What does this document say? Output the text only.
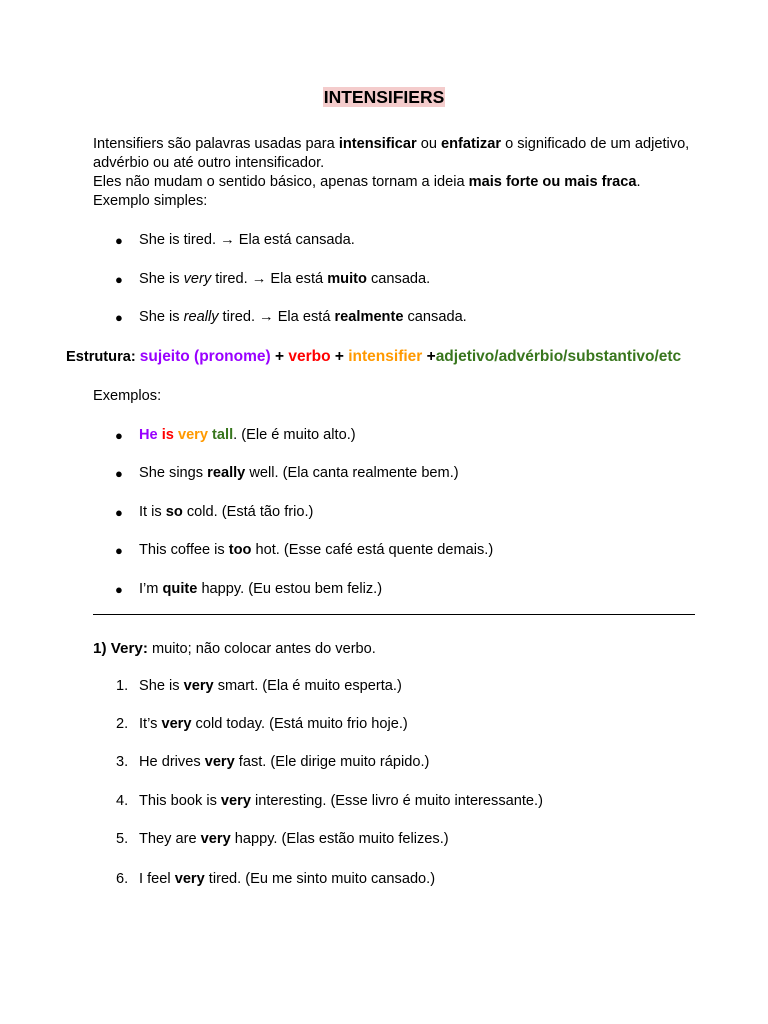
INTENSIFIERS

Intensifiers são palavras usadas para intensificar ou enfatizar o significado de um adjetivo, advérbio ou até outro intensificador.

Eles não mudam o sentido básico, apenas tornam a ideia mais forte ou mais fraca.

Exemplo simples:

● She is tired. → Ela está cansada.
● She is very tired. → Ela está muito cansada.
● She is really tired. → Ela está realmente cansada.
Estrutura: sujeito (pronome) + verbo + intensifier +adjetivo/advérbio/substantivo/etc
Exemplos:
● He is very tall. (Ele é muito alto.)
● She sings really well. (Ela canta realmente bem.)
● It is so cold. (Está tão frio.)
● This coffee is too hot. (Esse café está quente demais.)
● I’m quite happy. (Eu estou bem feliz.)
1) Very: muito; não colocar antes do verbo.
1. She is very smart. (Ela é muito esperta.)
2. It’s very cold today. (Está muito frio hoje.)
3. He drives very fast. (Ele dirige muito rápido.)
4. This book is very interesting. (Esse livro é muito interessante.)
5. They are very happy. (Elas estão muito felizes.)
6. I feel very tired. (Eu me sinto muito cansado.)
